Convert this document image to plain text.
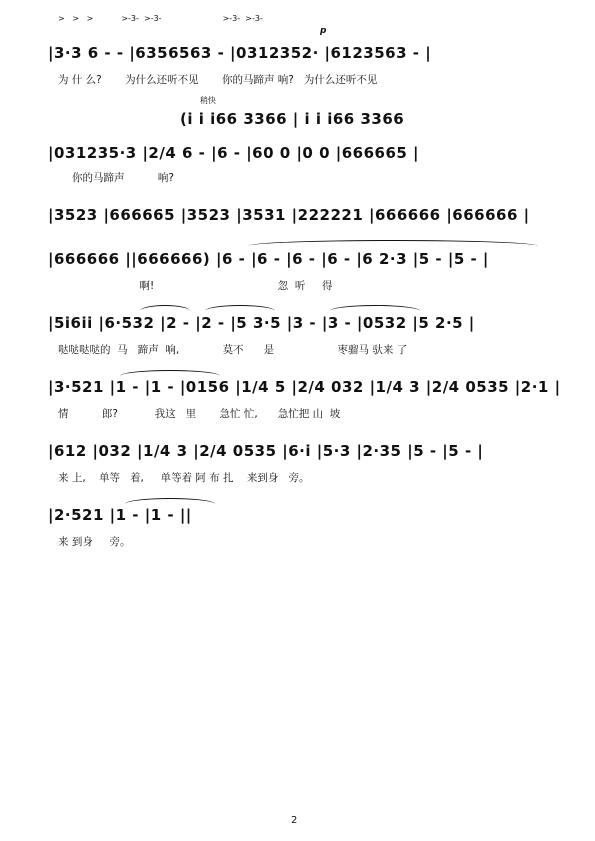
>   >   >           >-3-  >-3-                        >-3-  >-3-
p
|3·3 6 - - |6356563 - |0312352· |6123563 - |
为 什 么?       为什么还听不见       你的马蹄声 响?   为什么还听不见
稍快
(i i i66 3366 | i i i66 3366
|031235·3 |2/4 6 - |6 - |60 0 |0 0 |666665 |
你的马蹄声          响?
|3523 |666665 |3523 |3531 |222221 |666666 |666666 |
|666666 ||666666) |6 - |6 - |6 - |6 - |6 2·3 |5 - |5 - |
啊!                                     忽  听     得
|5i6ii |6·532 |2 - |2 - |5 3·5 |3 - |3 - |0532 |5 2·5 |
哒哒哒哒的  马   蹄声  响,             莫不      是                   枣骝马 驮来 了
|3·521 |1 - |1 - |0156 |1/4 5 |2/4 032 |1/4 3 |2/4 0535 |2·1 |
情          郎?           我这   里       急忙 忙,      急忙把 山  坡
|612 |032 |1/4 3 |2/4 0535 |6·i |5·3 |2·35 |5 - |5 - |
来 上,    单等   着,     单等着 阿 布 扎    来到身   旁。
|2·521 |1 - |1 - ||
来 到身     旁。
2
